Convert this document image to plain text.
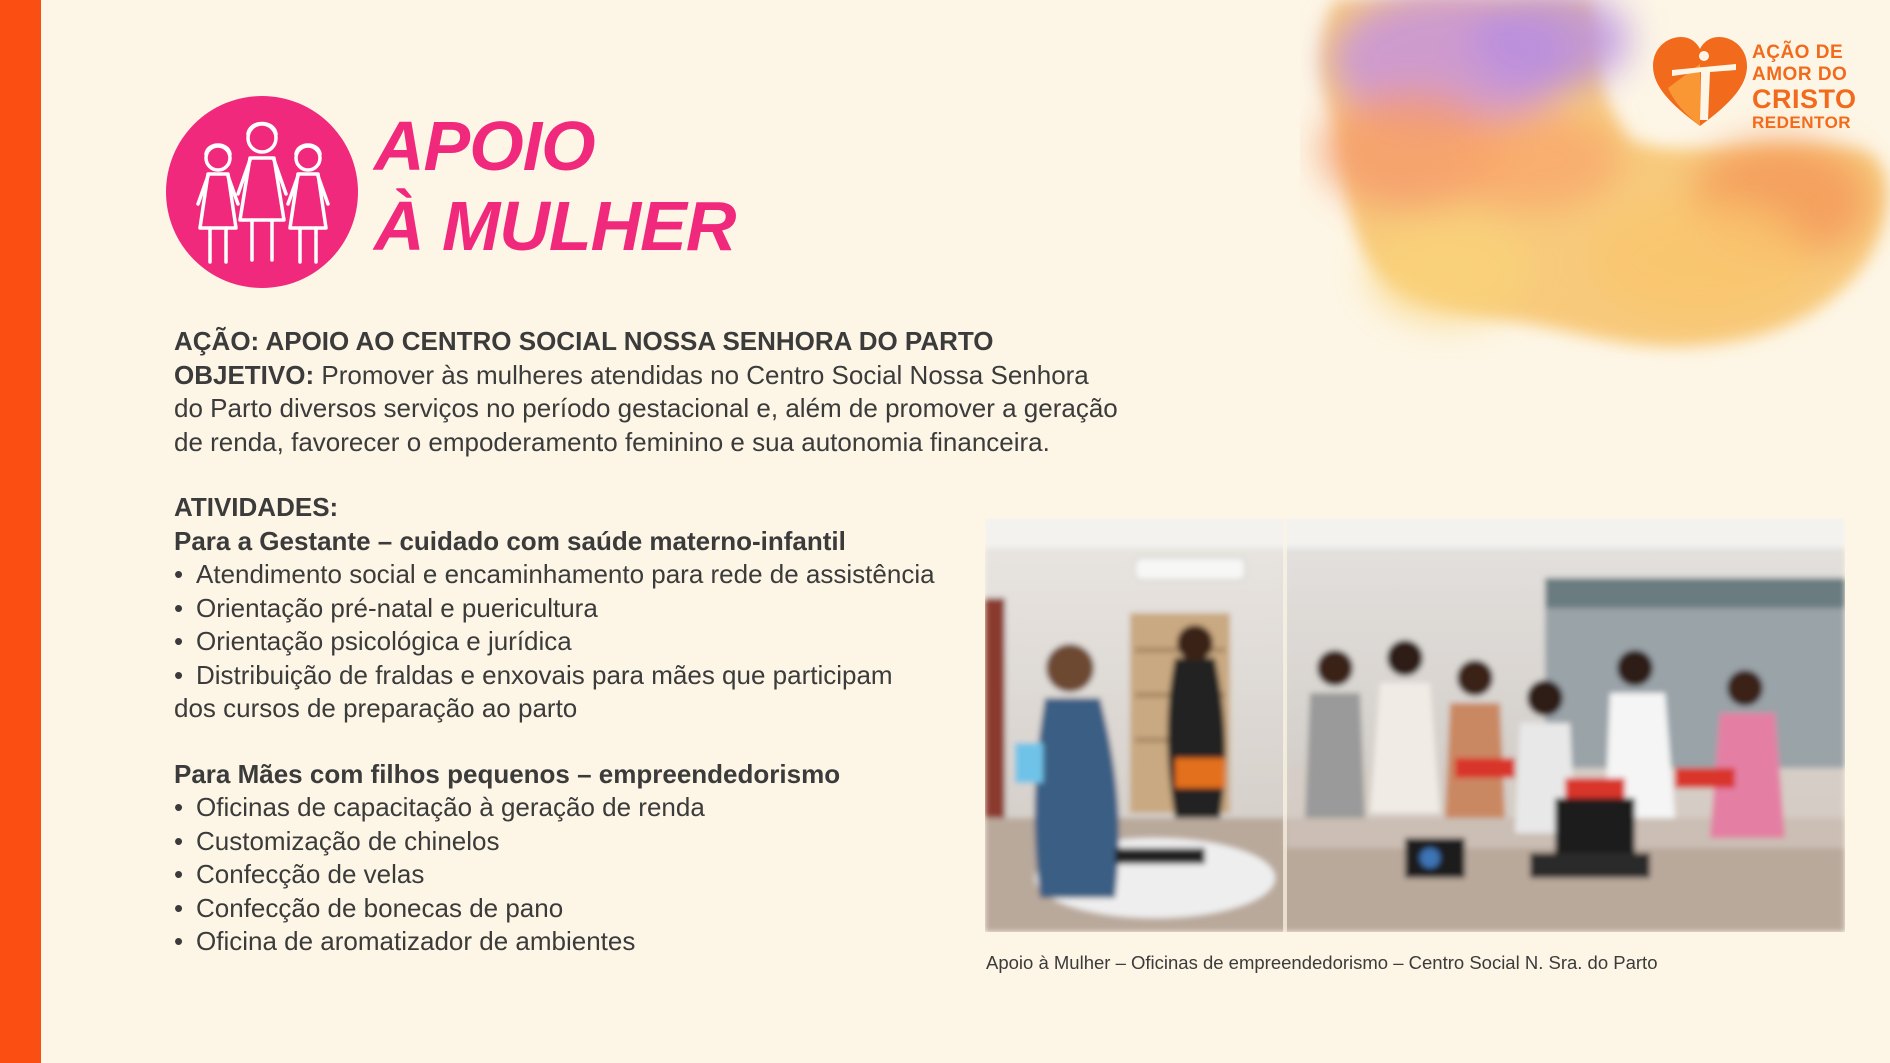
AÇÃO DE
AMOR DO
CRISTO
REDENTOR
APOIO
À MULHER

AÇÃO: APOIO AO CENTRO SOCIAL NOSSA SENHORA DO PARTO

OBJETIVO: Promover às mulheres atendidas no Centro Social Nossa Senhora

do Parto diversos serviços no período gestacional e, além de promover a geração

de renda, favorecer o empoderamento feminino e sua autonomia financeira.

ATIVIDADES:

Para a Gestante – cuidado com saúde materno-infantil

• Atendimento social e encaminhamento para rede de assistência

• Orientação pré-natal e puericultura

• Orientação psicológica e jurídica

• Distribuição de fraldas e enxovais para mães que participam

dos cursos de preparação ao parto

Para Mães com filhos pequenos – empreendedorismo

• Oficinas de capacitação à geração de renda

• Customização de chinelos

• Confecção de velas

• Confecção de bonecas de pano

• Oficina de aromatizador de ambientes

Apoio à Mulher – Oficinas de empreendedorismo – Centro Social N. Sra. do Parto
